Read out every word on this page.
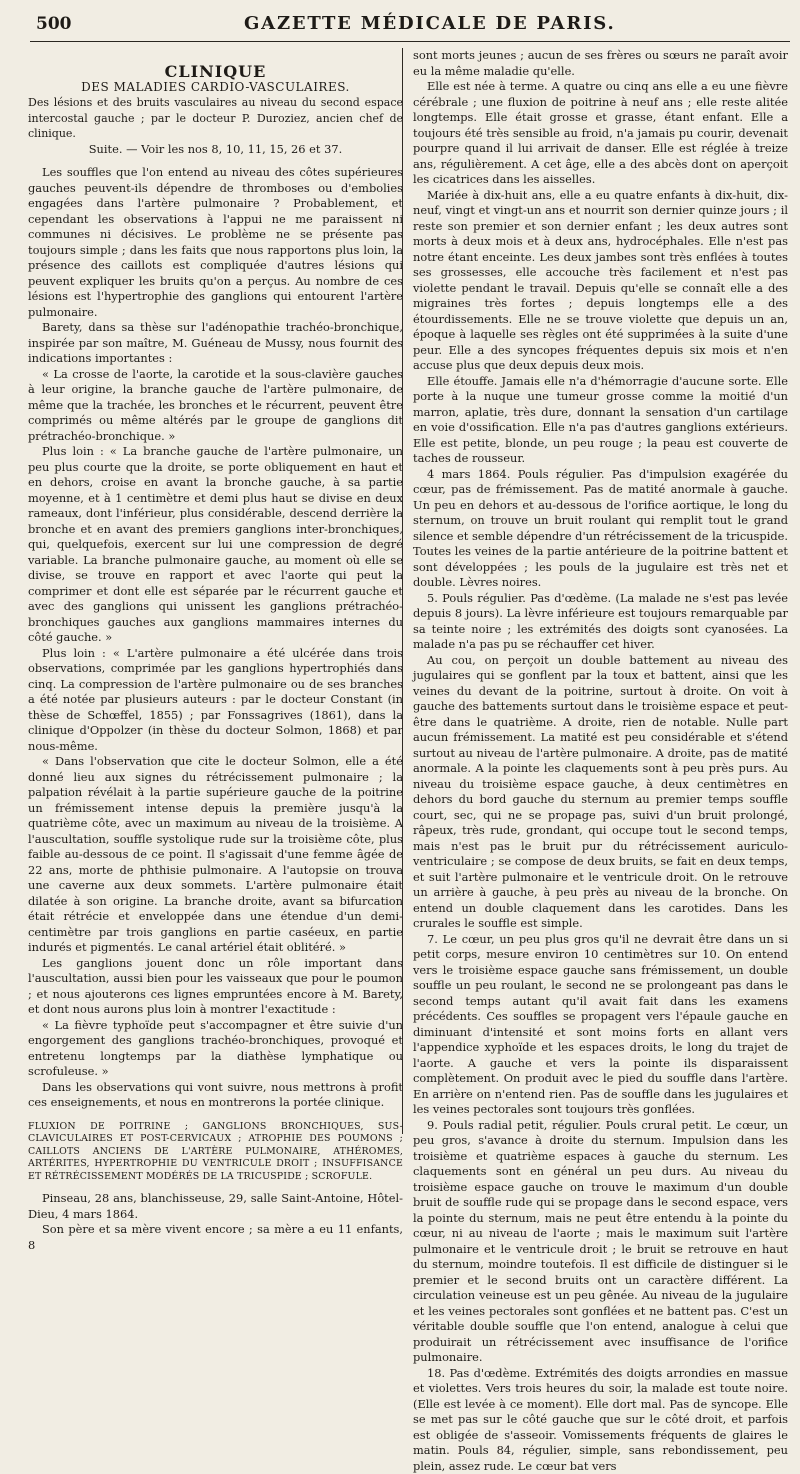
500	GAZETTE MÉDICALE DE PARIS.

CLINIQUE

DES MALADIES CARDIO-VASCULAIRES.

Des lésions et des bruits vasculaires au niveau du second espace intercostal gauche ; par le docteur P. Duroziez, ancien chef de clinique.

Suite. — Voir les nos 8, 10, 11, 15, 26 et 37.

Les souffles que l'on entend au niveau des côtes supérieures gauches peuvent-ils dépendre de thromboses ou d'embolies engagées dans l'artère pulmonaire ? Probablement, et cependant les observations à l'appui ne me paraissent ni communes ni décisives. Le problème ne se présente pas toujours simple ; dans les faits que nous rapportons plus loin, la présence des caillots est compliquée d'autres lésions qui peuvent expliquer les bruits qu'on a perçus. Au nombre de ces lésions est l'hypertrophie des ganglions qui entourent l'artère pulmonaire.

Barety, dans sa thèse sur l'adénopathie trachéo-bronchique, inspirée par son maître, M. Guéneau de Mussy, nous fournit des indications importantes :

« La crosse de l'aorte, la carotide et la sous-clavière gauches à leur origine, la branche gauche de l'artère pulmonaire, de même que la trachée, les bronches et le récurrent, peuvent être comprimés ou même altérés par le groupe de ganglions dit prétrachéo-bronchique. »

Plus loin : « La branche gauche de l'artère pulmonaire, un peu plus courte que la droite, se porte obliquement en haut et en dehors, croise en avant la bronche gauche, à sa partie moyenne, et à 1 centimètre et demi plus haut se divise en deux rameaux, dont l'inférieur, plus considérable, descend derrière la bronche et en avant des premiers ganglions inter-bronchiques, qui, quelquefois, exercent sur lui une compression de degré variable. La branche pulmonaire gauche, au moment où elle se divise, se trouve en rapport et avec l'aorte qui peut la comprimer et dont elle est séparée par le récurrent gauche et avec des ganglions qui unissent les ganglions prétrachéo-bronchiques gauches aux ganglions mammaires internes du côté gauche. »

Plus loin : « L'artère pulmonaire a été ulcérée dans trois observations, comprimée par les ganglions hypertrophiés dans cinq. La compression de l'artère pulmonaire ou de ses branches a été notée par plusieurs auteurs : par le docteur Constant (in thèse de Schœffel, 1855) ; par Fonssagrives (1861), dans la clinique d'Oppolzer (in thèse du docteur Solmon, 1868) et par nous-même.

« Dans l'observation que cite le docteur Solmon, elle a été donné lieu aux signes du rétrécissement pulmonaire ; la palpation révélait à la partie supérieure gauche de la poitrine un frémissement intense depuis la première jusqu'à la quatrième côte, avec un maximum au niveau de la troisième. A l'auscultation, souffle systolique rude sur la troisième côte, plus faible au-dessous de ce point. Il s'agissait d'une femme âgée de 22 ans, morte de phthisie pulmonaire. A l'autopsie on trouva une caverne aux deux sommets. L'artère pulmonaire était dilatée à son origine. La branche droite, avant sa bifurcation était rétrécie et enveloppée dans une étendue d'un demi-centimètre par trois ganglions en partie caséeux, en partie indurés et pigmentés. Le canal artériel était oblitéré. »

Les ganglions jouent donc un rôle important dans l'auscultation, aussi bien pour les vaisseaux que pour le poumon ; et nous ajouterons ces lignes empruntées encore à M. Barety, et dont nous aurons plus loin à montrer l'exactitude :

« La fièvre typhoïde peut s'accompagner et être suivie d'un engorgement des ganglions trachéo-bronchiques, provoqué et entretenu longtemps par la diathèse lymphatique ou scrofuleuse. »

Dans les observations qui vont suivre, nous mettrons à profit ces enseignements, et nous en montrerons la portée clinique.

FLUXION DE POITRINE ; GANGLIONS BRONCHIQUES, SUS-CLAVICULAIRES ET POST-CERVICAUX ; ATROPHIE DES POUMONS ; CAILLOTS ANCIENS DE L'ARTÈRE PULMONAIRE, ATHÉROMES, ARTÉRITES, HYPERTROPHIE DU VENTRICULE DROIT ; INSUFFISANCE ET RÉTRÉCISSEMENT MODÉRÉS DE LA TRICUSPIDE ; SCROFULE.

Pinseau, 28 ans, blanchisseuse, 29, salle Saint-Antoine, Hôtel-Dieu, 4 mars 1864.

Son père et sa mère vivent encore ; sa mère a eu 11 enfants, 8

sont morts jeunes ; aucun de ses frères ou sœurs ne paraît avoir eu la même maladie qu'elle.

Elle est née à terme. A quatre ou cinq ans elle a eu une fièvre cérébrale ; une fluxion de poitrine à neuf ans ; elle reste alitée longtemps. Elle était grosse et grasse, étant enfant. Elle a toujours été très sensible au froid, n'a jamais pu courir, devenait pourpre quand il lui arrivait de danser. Elle est réglée à treize ans, régulièrement. A cet âge, elle a des abcès dont on aperçoit les cicatrices dans les aisselles.

Mariée à dix-huit ans, elle a eu quatre enfants à dix-huit, dix-neuf, vingt et vingt-un ans et nourrit son dernier quinze jours ; il reste son premier et son dernier enfant ; les deux autres sont morts à deux mois et à deux ans, hydrocéphales. Elle n'est pas notre étant enceinte. Les deux jambes sont très enflées à toutes ses grossesses, elle accouche très facilement et n'est pas violette pendant le travail. Depuis qu'elle se connaît elle a des migraines très fortes ; depuis longtemps elle a des étourdissements. Elle ne se trouve violette que depuis un an, époque à laquelle ses règles ont été supprimées à la suite d'une peur. Elle a des syncopes fréquentes depuis six mois et n'en accuse plus que deux depuis deux mois.

Elle étouffe. Jamais elle n'a d'hémorragie d'aucune sorte. Elle porte à la nuque une tumeur grosse comme la moitié d'un marron, aplatie, très dure, donnant la sensation d'un cartilage en voie d'ossification. Elle n'a pas d'autres ganglions extérieurs. Elle est petite, blonde, un peu rouge ; la peau est couverte de taches de rousseur.

4 mars 1864. Pouls régulier. Pas d'impulsion exagérée du cœur, pas de frémissement. Pas de matité anormale à gauche. Un peu en dehors et au-dessous de l'orifice aortique, le long du sternum, on trouve un bruit roulant qui remplit tout le grand silence et semble dépendre d'un rétrécissement de la tricuspide. Toutes les veines de la partie antérieure de la poitrine battent et sont développées ; les pouls de la jugulaire est très net et double. Lèvres noires.

5. Pouls régulier. Pas d'œdème. (La malade ne s'est pas levée depuis 8 jours). La lèvre inférieure est toujours remarquable par sa teinte noire ; les extrémités des doigts sont cyanosées. La malade n'a pas pu se réchauffer cet hiver.

Au cou, on perçoit un double battement au niveau des jugulaires qui se gonflent par la toux et battent, ainsi que les veines du devant de la poitrine, surtout à droite. On voit à gauche des battements surtout dans le troisième espace et peut-être dans le quatrième. A droite, rien de notable. Nulle part aucun frémissement. La matité est peu considérable et s'étend surtout au niveau de l'artère pulmonaire. A droite, pas de matité anormale. A la pointe les claquements sont à peu près purs. Au niveau du troisième espace gauche, à deux centimètres en dehors du bord gauche du sternum au premier temps souffle court, sec, qui ne se propage pas, suivi d'un bruit prolongé, râpeux, très rude, grondant, qui occupe tout le second temps, mais n'est pas le bruit pur du rétrécissement auriculo-ventriculaire ; se compose de deux bruits, se fait en deux temps, et suit l'artère pulmonaire et le ventricule droit. On le retrouve un arrière à gauche, à peu près au niveau de la bronche. On entend un double claquement dans les carotides. Dans les crurales le souffle est simple.

7. Le cœur, un peu plus gros qu'il ne devrait être dans un si petit corps, mesure environ 10 centimètres sur 10. On entend vers le troisième espace gauche sans frémissement, un double souffle un peu roulant, le second ne se prolongeant pas dans le second temps autant qu'il avait fait dans les examens précédents. Ces souffles se propagent vers l'épaule gauche en diminuant d'intensité et sont moins forts en allant vers l'appendice xyphoïde et les espaces droits, le long du trajet de l'aorte. A gauche et vers la pointe ils disparaissent complètement. On produit avec le pied du souffle dans l'artère. En arrière on n'entend rien. Pas de souffle dans les jugulaires et les veines pectorales sont toujours très gonflées.

9. Pouls radial petit, régulier. Pouls crural petit. Le cœur, un peu gros, s'avance à droite du sternum. Impulsion dans les troisième et quatrième espaces à gauche du sternum. Les claquements sont en général un peu durs. Au niveau du troisième espace gauche on trouve le maximum d'un double bruit de souffle rude qui se propage dans le second espace, vers la pointe du sternum, mais ne peut être entendu à la pointe du cœur, ni au niveau de l'aorte ; mais le maximum suit l'artère pulmonaire et le ventricule droit ; le bruit se retrouve en haut du sternum, moindre toutefois. Il est difficile de distinguer si le premier et le second bruits ont un caractère différent. La circulation veineuse est un peu gênée. Au niveau de la jugulaire et les veines pectorales sont gonflées et ne battent pas. C'est un véritable double souffle que l'on entend, analogue à celui que produirait un rétrécissement avec insuffisance de l'orifice pulmonaire.

18. Pas d'œdème. Extrémités des doigts arrondies en massue et violettes. Vers trois heures du soir, la malade est toute noire. (Elle est levée à ce moment). Elle dort mal. Pas de syncope. Elle se met pas sur le côté gauche que sur le côté droit, et parfois est obligée de s'asseoir. Vomissements fréquents de glaires le matin. Pouls 84, régulier, simple, sans rebondissement, peu plein, assez rude. Le cœur bat vers
